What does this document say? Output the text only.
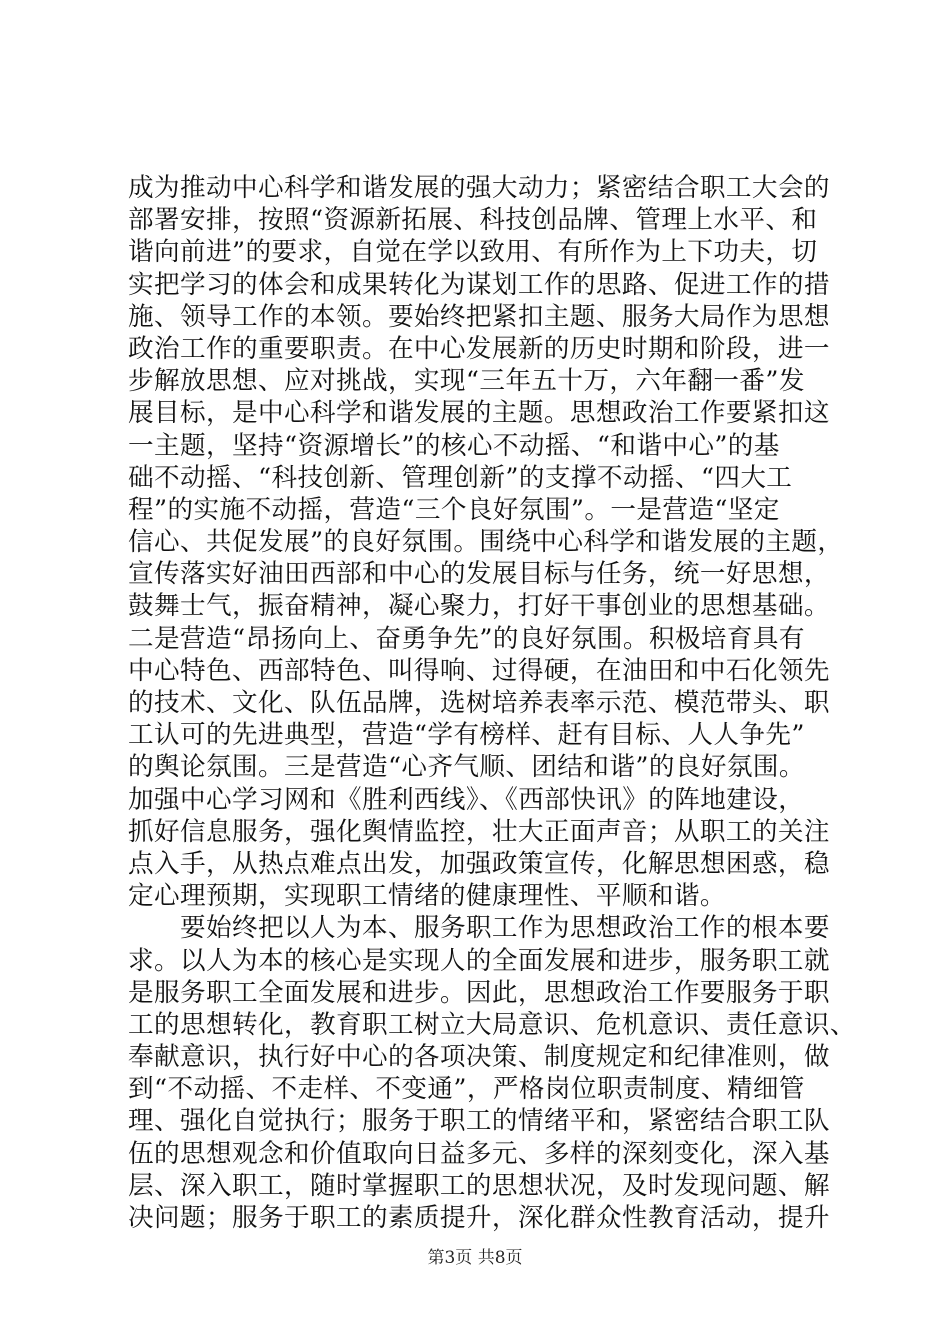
成为推动中心科学和谐发展的强大动力；紧密结合职工大会的
部署安排，按照“资源新拓展、科技创品牌、管理上水平、和
谐向前进”的要求，自觉在学以致用、有所作为上下功夫，切
实把学习的体会和成果转化为谋划工作的思路、促进工作的措
施、领导工作的本领。要始终把紧扣主题、服务大局作为思想
政治工作的重要职责。在中心发展新的历史时期和阶段，进一
步解放思想、应对挑战，实现“三年五十万，六年翻一番”发
展目标，是中心科学和谐发展的主题。思想政治工作要紧扣这
一主题，坚持“资源增长”的核心不动摇、“和谐中心”的基
础不动摇、“科技创新、管理创新”的支撑不动摇、“四大工
程”的实施不动摇，营造“三个良好氛围”。一是营造“坚定
信心、共促发展”的良好氛围。围绕中心科学和谐发展的主题，
宣传落实好油田西部和中心的发展目标与任务，统一好思想，
鼓舞士气，振奋精神，凝心聚力，打好干事创业的思想基础。
二是营造“昂扬向上、奋勇争先”的良好氛围。积极培育具有
中心特色、西部特色、叫得响、过得硬，在油田和中石化领先
的技术、文化、队伍品牌，选树培养表率示范、模范带头、职
工认可的先进典型，营造“学有榜样、赶有目标、人人争先”
的舆论氛围。三是营造“心齐气顺、团结和谐”的良好氛围。
加强中心学习网和《胜利西线》、《西部快讯》的阵地建设，
抓好信息服务，强化舆情监控，壮大正面声音；从职工的关注
点入手，从热点难点出发，加强政策宣传，化解思想困惑，稳
定心理预期，实现职工情绪的健康理性、平顺和谐。
要始终把以人为本、服务职工作为思想政治工作的根本要
求。以人为本的核心是实现人的全面发展和进步，服务职工就
是服务职工全面发展和进步。因此，思想政治工作要服务于职
工的思想转化，教育职工树立大局意识、危机意识、责任意识、
奉献意识，执行好中心的各项决策、制度规定和纪律准则，做
到“不动摇、不走样、不变通”，严格岗位职责制度、精细管
理、强化自觉执行；服务于职工的情绪平和，紧密结合职工队
伍的思想观念和价值取向日益多元、多样的深刻变化，深入基
层、深入职工，随时掌握职工的思想状况，及时发现问题、解
决问题；服务于职工的素质提升，深化群众性教育活动，提升
第3页 共8页
